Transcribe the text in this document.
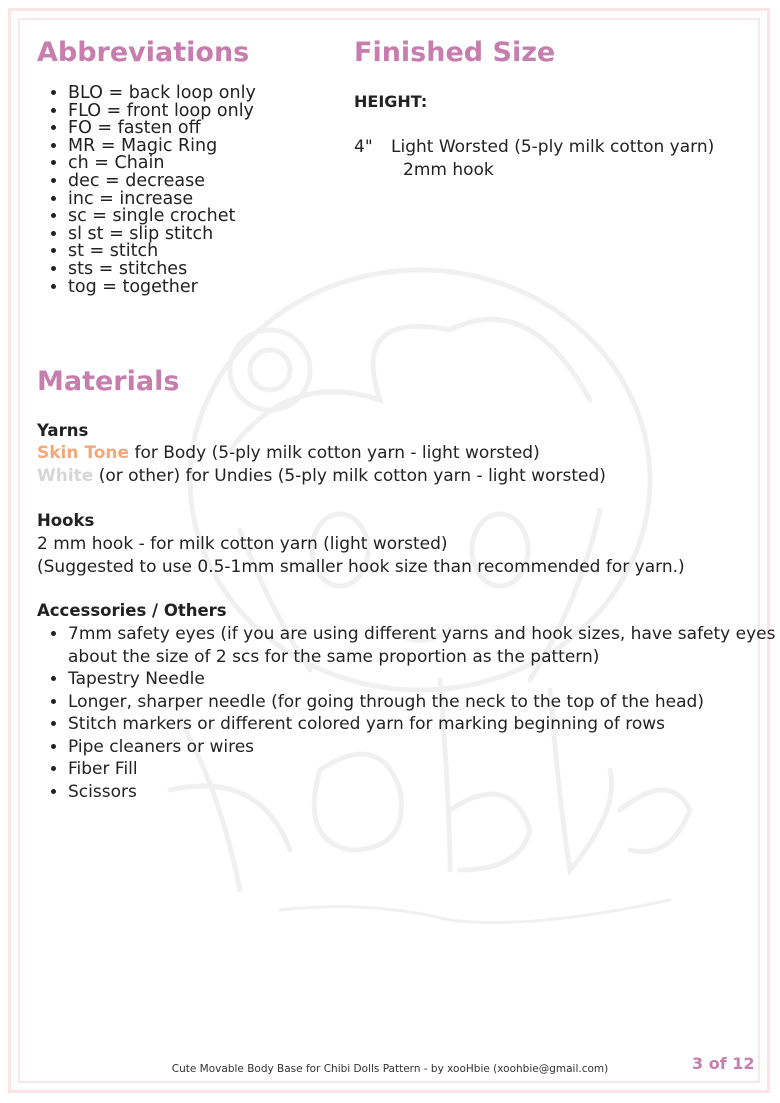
Abbreviations
• BLO = back loop only
• FLO = front loop only
• FO = fasten off
• MR = Magic Ring
• ch = Chain
• dec = decrease
• inc = increase
• sc = single crochet
• sl st = slip stitch
• st = stitch
• sts = stitches
• tog = together
Finished Size

HEIGHT:

4" Light Worsted (5-ply milk cotton yarn)
2mm hook
Materials

Yarns

Skin Tone for Body (5-ply milk cotton yarn - light worsted)

White (or other) for Undies (5-ply milk cotton yarn - light worsted)

Hooks

2 mm hook - for milk cotton yarn (light worsted)

(Suggested to use 0.5-1mm smaller hook size than recommended for yarn.)

Accessories / Others

• 7mm safety eyes (if you are using different yarns and hook sizes, have safety eyes about the size of 2 scs for the same proportion as the pattern)
• Tapestry Needle
• Longer, sharper needle (for going through the neck to the top of the head)
• Stitch markers or different colored yarn for marking beginning of rows
• Pipe cleaners or wires
• Fiber Fill
• Scissors
Cute Movable Body Base for Chibi Dolls Pattern - by xooHbie (xoohbie@gmail.com)	3 of 12
